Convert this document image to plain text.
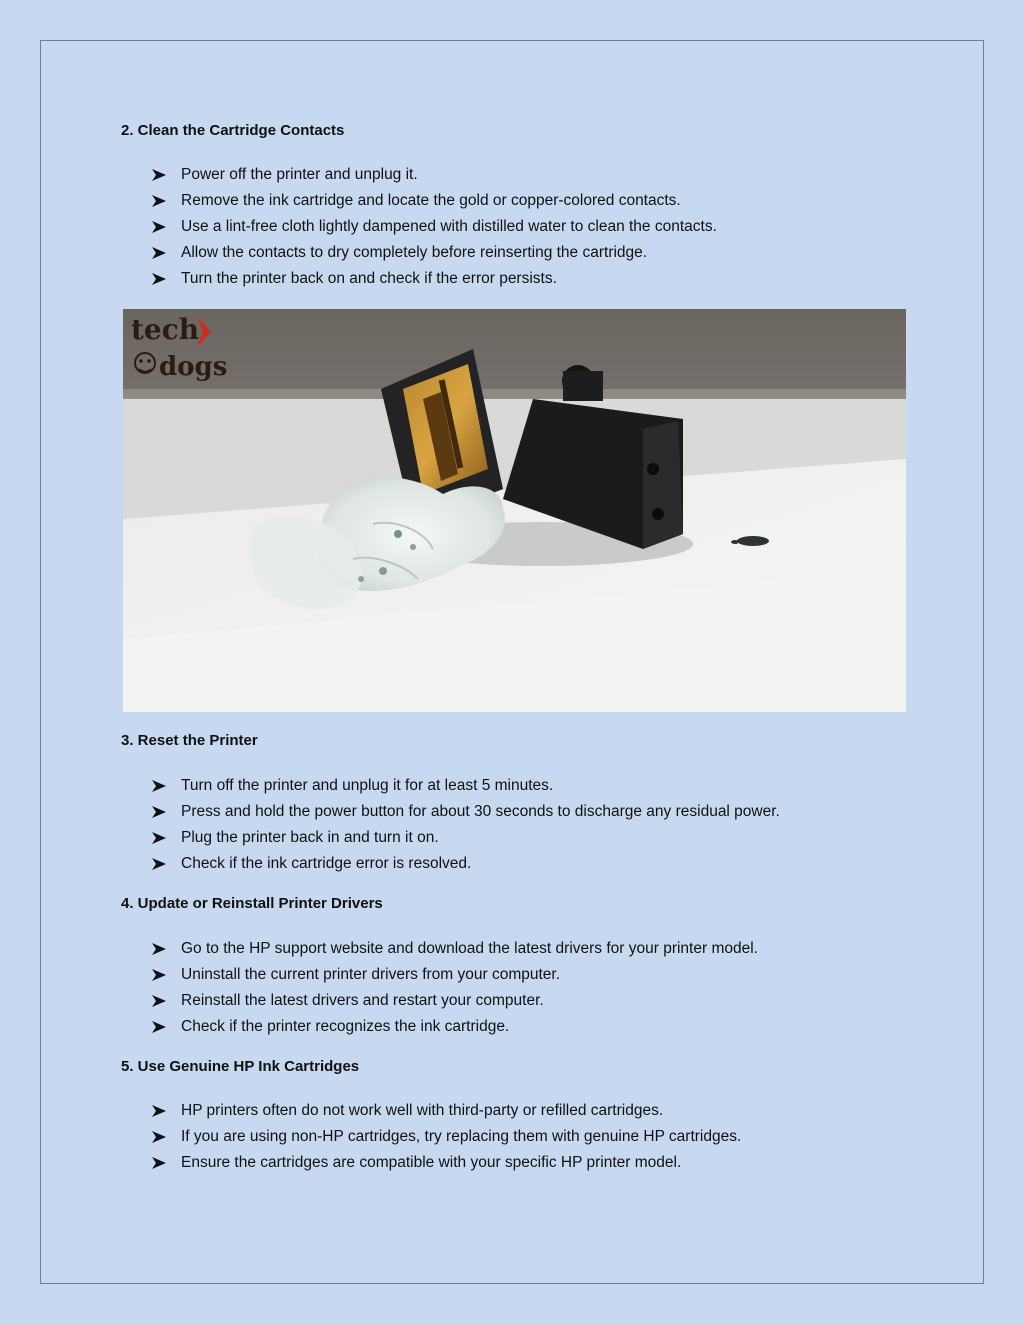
2. Clean the Cartridge Contacts
Power off the printer and unplug it.
Remove the ink cartridge and locate the gold or copper-colored contacts.
Use a lint-free cloth lightly dampened with distilled water to clean the contacts.
Allow the contacts to dry completely before reinserting the cartridge.
Turn the printer back on and check if the error persists.
tech
dogs
3. Reset the Printer
Turn off the printer and unplug it for at least 5 minutes.
Press and hold the power button for about 30 seconds to discharge any residual power.
Plug the printer back in and turn it on.
Check if the ink cartridge error is resolved.
4. Update or Reinstall Printer Drivers
Go to the HP support website and download the latest drivers for your printer model.
Uninstall the current printer drivers from your computer.
Reinstall the latest drivers and restart your computer.
Check if the printer recognizes the ink cartridge.
5. Use Genuine HP Ink Cartridges
HP printers often do not work well with third-party or refilled cartridges.
If you are using non-HP cartridges, try replacing them with genuine HP cartridges.
Ensure the cartridges are compatible with your specific HP printer model.
